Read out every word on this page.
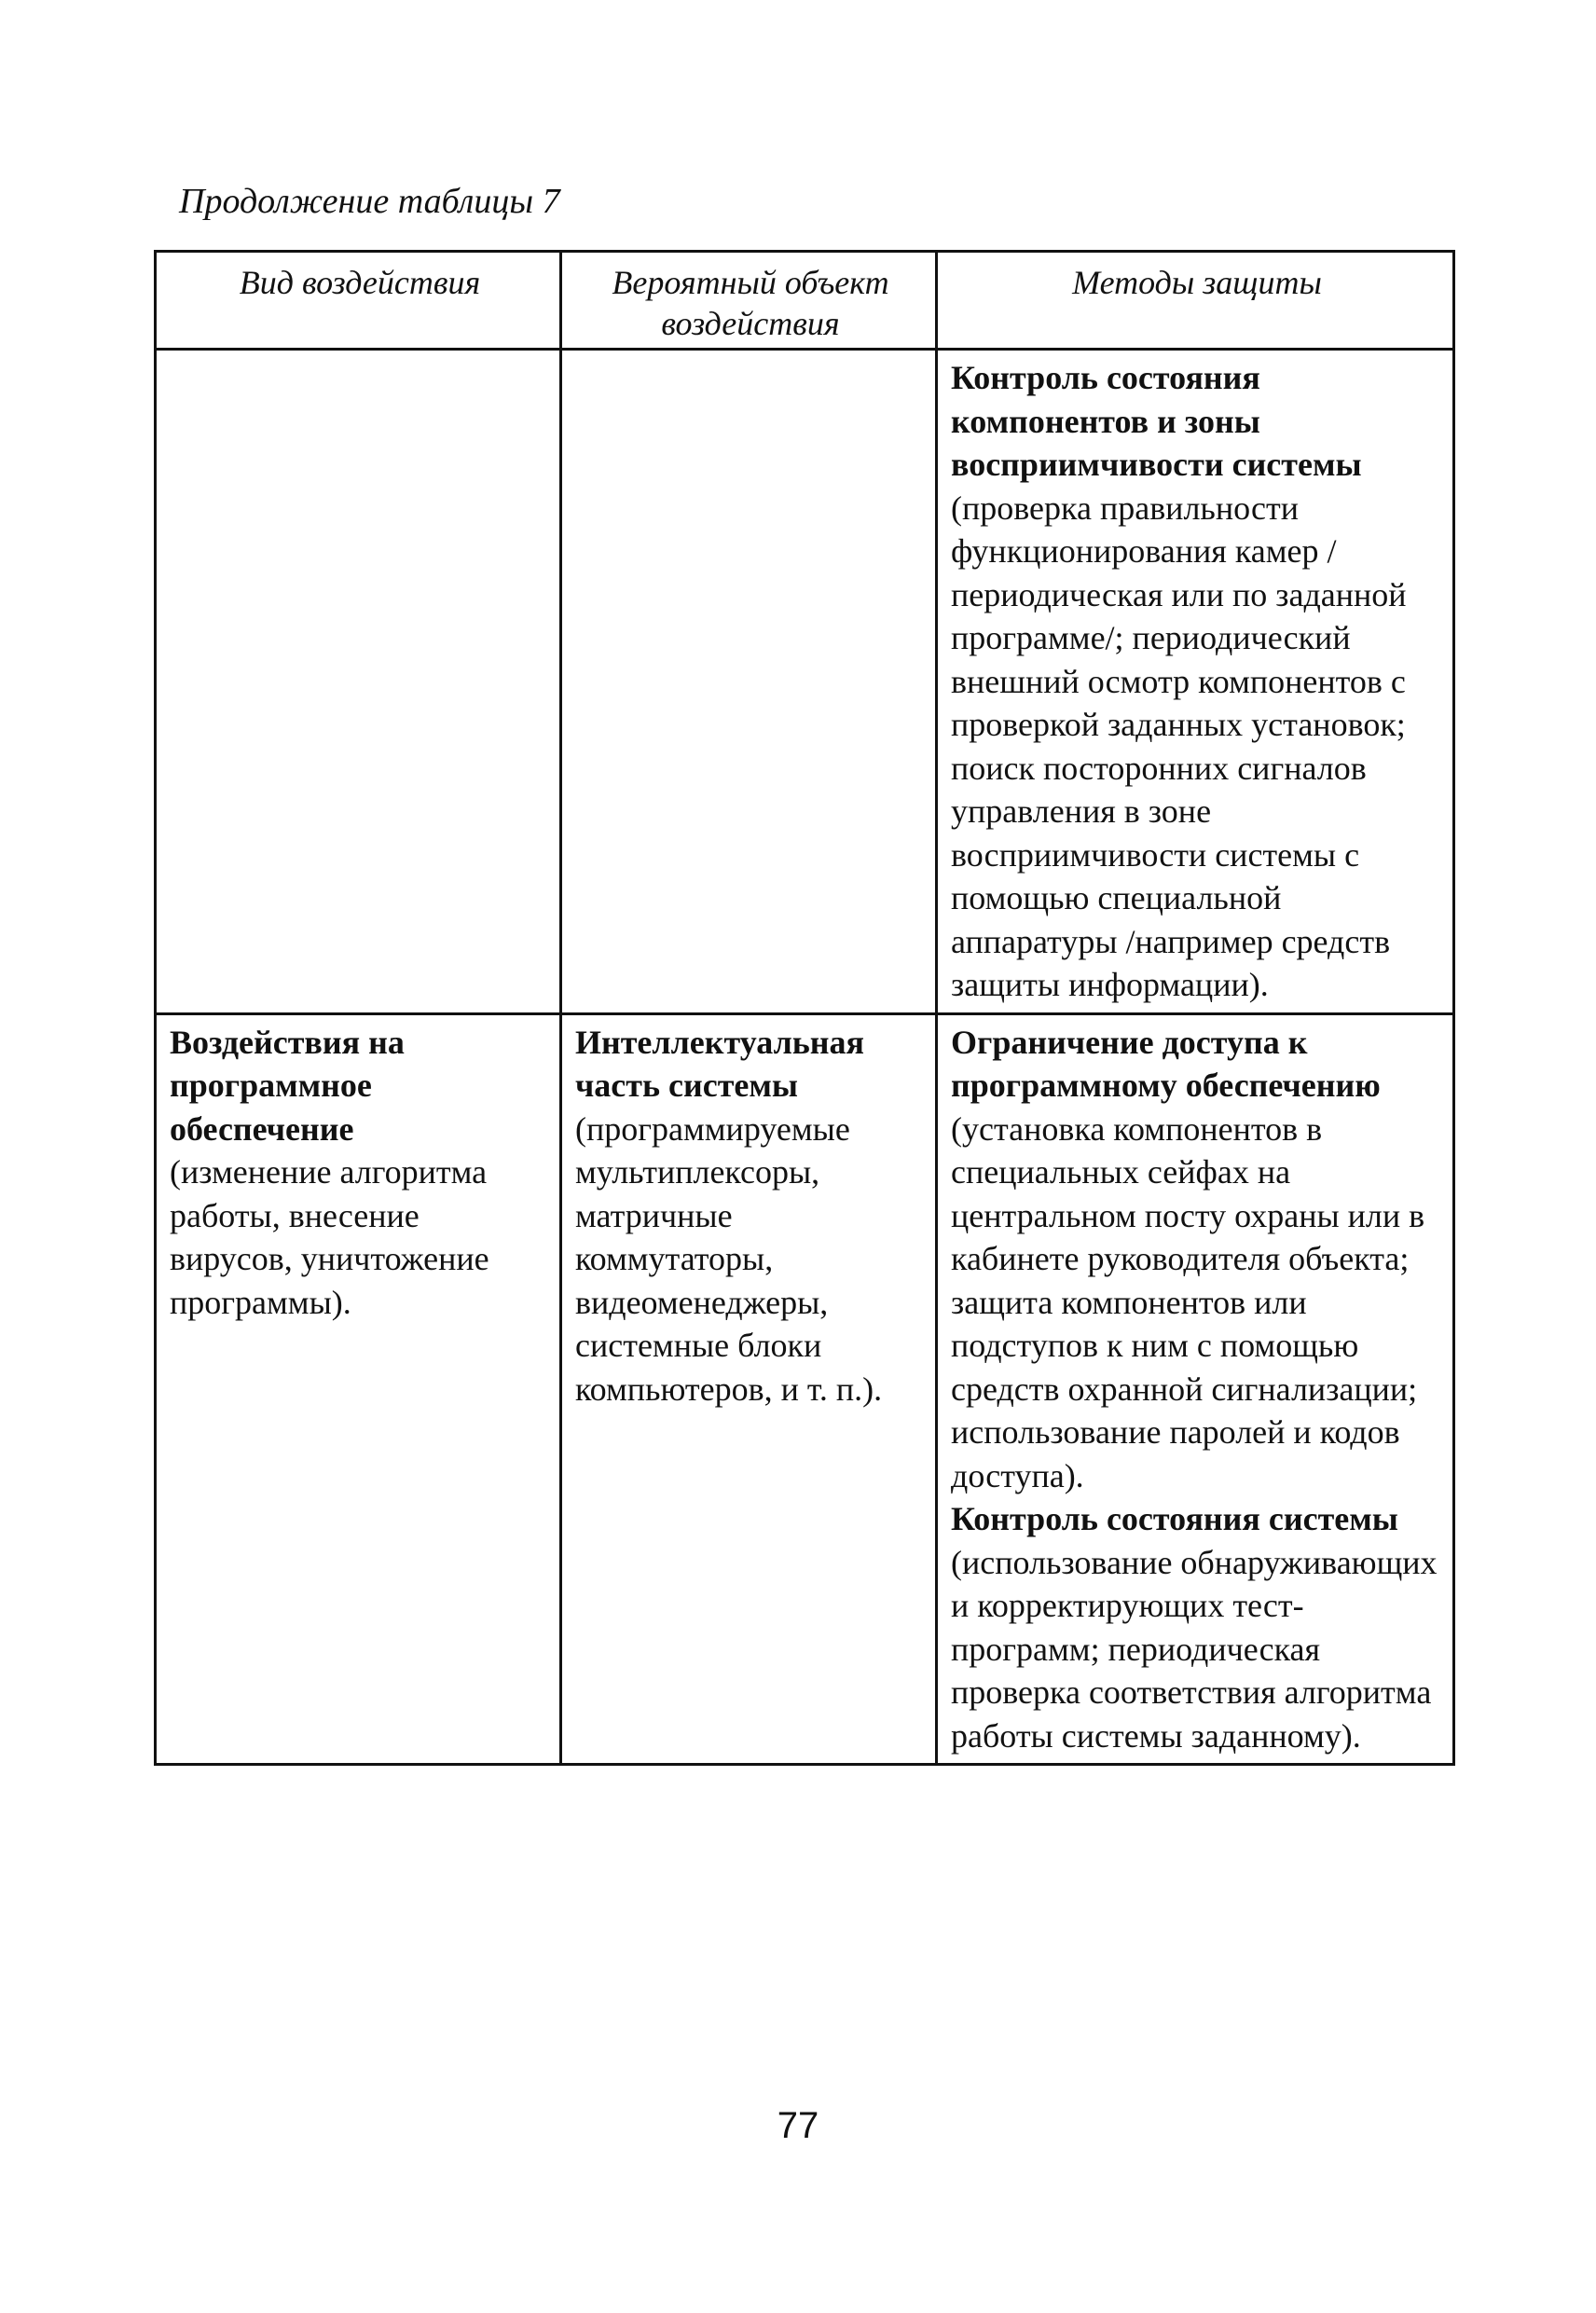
Продолжение таблицы 7
Вид воздействия	Вероятный объект воздействия	Методы защиты

		Контроль состояния компонентов и зоны восприимчивости системы
(проверка правильности функционирования камер /периодическая или по заданной программе/; периодический внешний осмотр компонентов с проверкой заданных установок; поиск посторонних сигналов управления в зоне восприимчивости системы с помощью специальной аппаратуры /например средств защиты информации).

Воздействия на программное обеспечение
(изменение алгоритма работы, внесение вирусов, уничтожение программы).	Интеллектуальная часть системы
(программируемые мультиплексоры, матричные коммутаторы, видеоменеджеры, системные блоки компьютеров, и т. п.).	Ограничение доступа к программному обеспечению
(установка компонентов в специальных сейфах на центральном посту охраны или в кабинете руководителя объекта; защита компонентов или подступов к ним с помощью средств охранной сигнализации; использование паролей и кодов доступа).
Контроль состояния системы
(использование обнаруживающих и корректирующих тест-программ; периодическая проверка соответствия алгоритма работы системы заданному).
77
